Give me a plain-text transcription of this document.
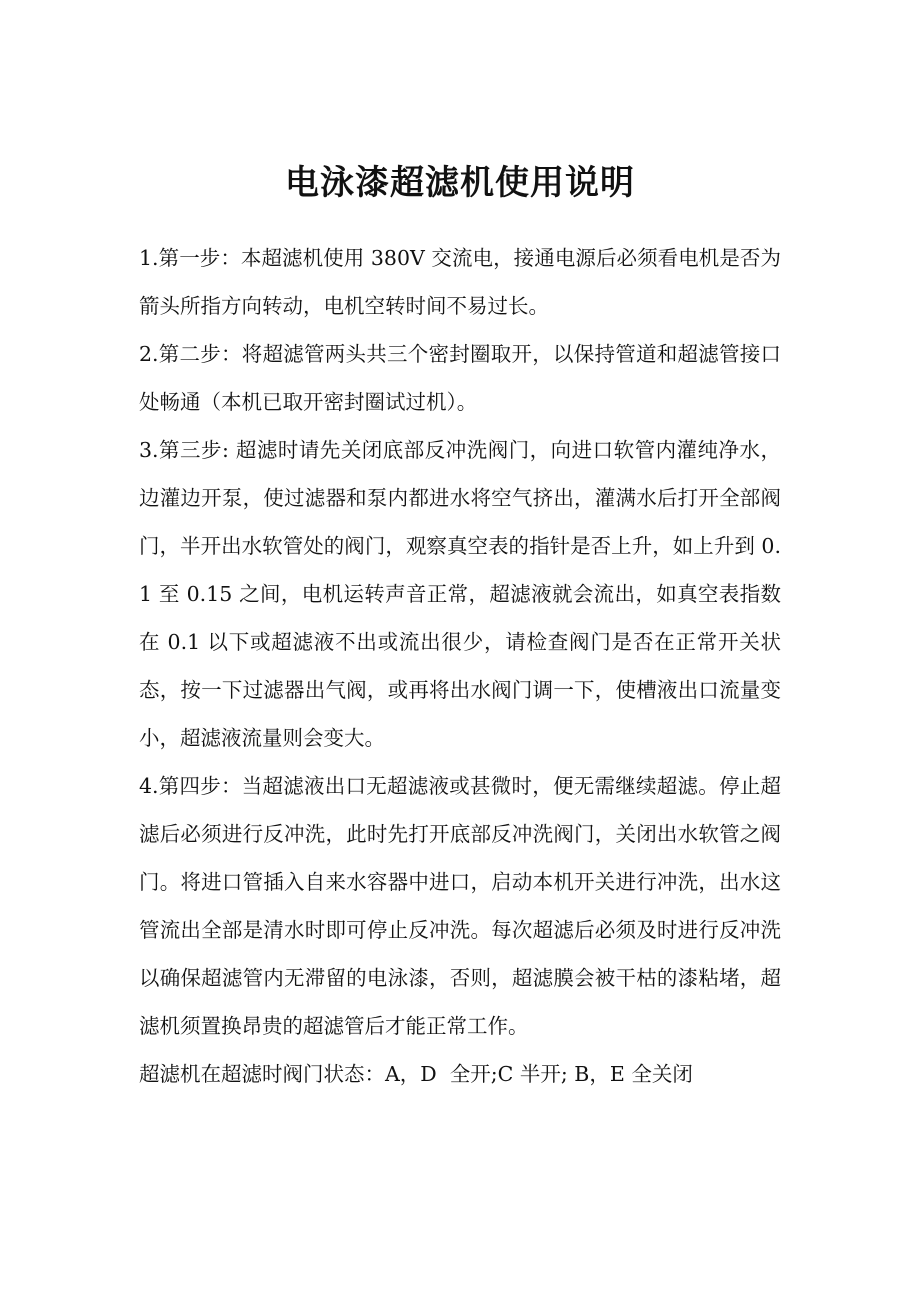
电泳漆超滤机使用说明

1.第一步：本超滤机使用 380V 交流电，接通电源后必须看电机是否为箭头所指方向转动，电机空转时间不易过长。

2.第二步：将超滤管两头共三个密封圈取开，以保持管道和超滤管接口处畅通（本机已取开密封圈试过机）。

3.第三步: 超滤时请先关闭底部反冲洗阀门，向进口软管内灌纯净水，边灌边开泵，使过滤器和泵内都进水将空气挤出，灌满水后打开全部阀门，半开出水软管处的阀门，观察真空表的指针是否上升，如上升到 0.1 至 0.15 之间，电机运转声音正常，超滤液就会流出，如真空表指数在 0.1 以下或超滤液不出或流出很少，请检查阀门是否在正常开关状态，按一下过滤器出气阀，或再将出水阀门调一下，使槽液出口流量变小，超滤液流量则会变大。

4.第四步：当超滤液出口无超滤液或甚微时，便无需继续超滤。停止超滤后必须进行反冲洗，此时先打开底部反冲洗阀门，关闭出水软管之阀门。将进口管插入自来水容器中进口，启动本机开关进行冲洗，出水这管流出全部是清水时即可停止反冲洗。每次超滤后必须及时进行反冲洗以确保超滤管内无滞留的电泳漆，否则，超滤膜会被干枯的漆粘堵，超滤机须置换昂贵的超滤管后才能正常工作。

超滤机在超滤时阀门状态：A，D  全开;C 半开; B，E 全关闭
